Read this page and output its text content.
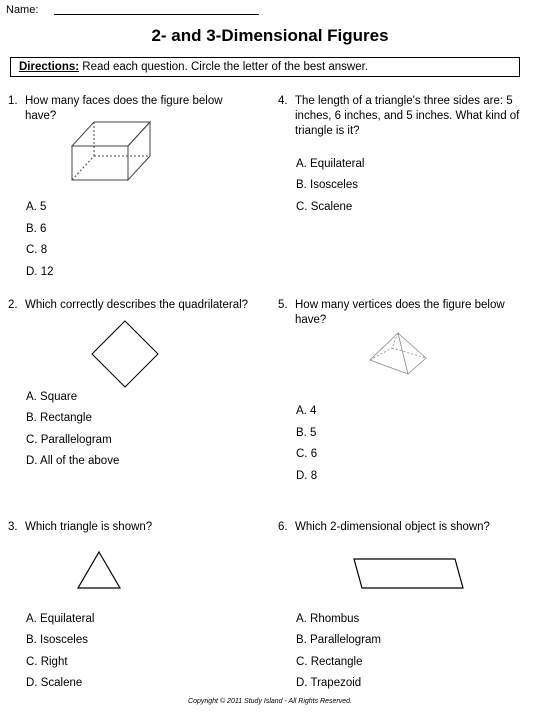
Name:
2- and 3-Dimensional Figures
Directions: Read each question. Circle the letter of the best answer.
1. How many faces does the figure below
have?
A. 5
B. 6
C. 8
D. 12
2. Which correctly describes the quadrilateral?
A. Square
B. Rectangle
C. Parallelogram
D. All of the above
3. Which triangle is shown?
A. Equilateral
B. Isosceles
C. Right
D. Scalene
4. The length of a triangle's three sides are: 5
inches, 6 inches, and 5 inches. What kind of
triangle is it?
A. Equilateral
B. Isosceles
C. Scalene
5. How many vertices does the figure below
have?
A. 4
B. 5
C. 6
D. 8
6. Which 2-dimensional object is shown?
A. Rhombus
B. Parallelogram
C. Rectangle
D. Trapezoid
Copyright © 2011 Study Island - All Rights Reserved.
